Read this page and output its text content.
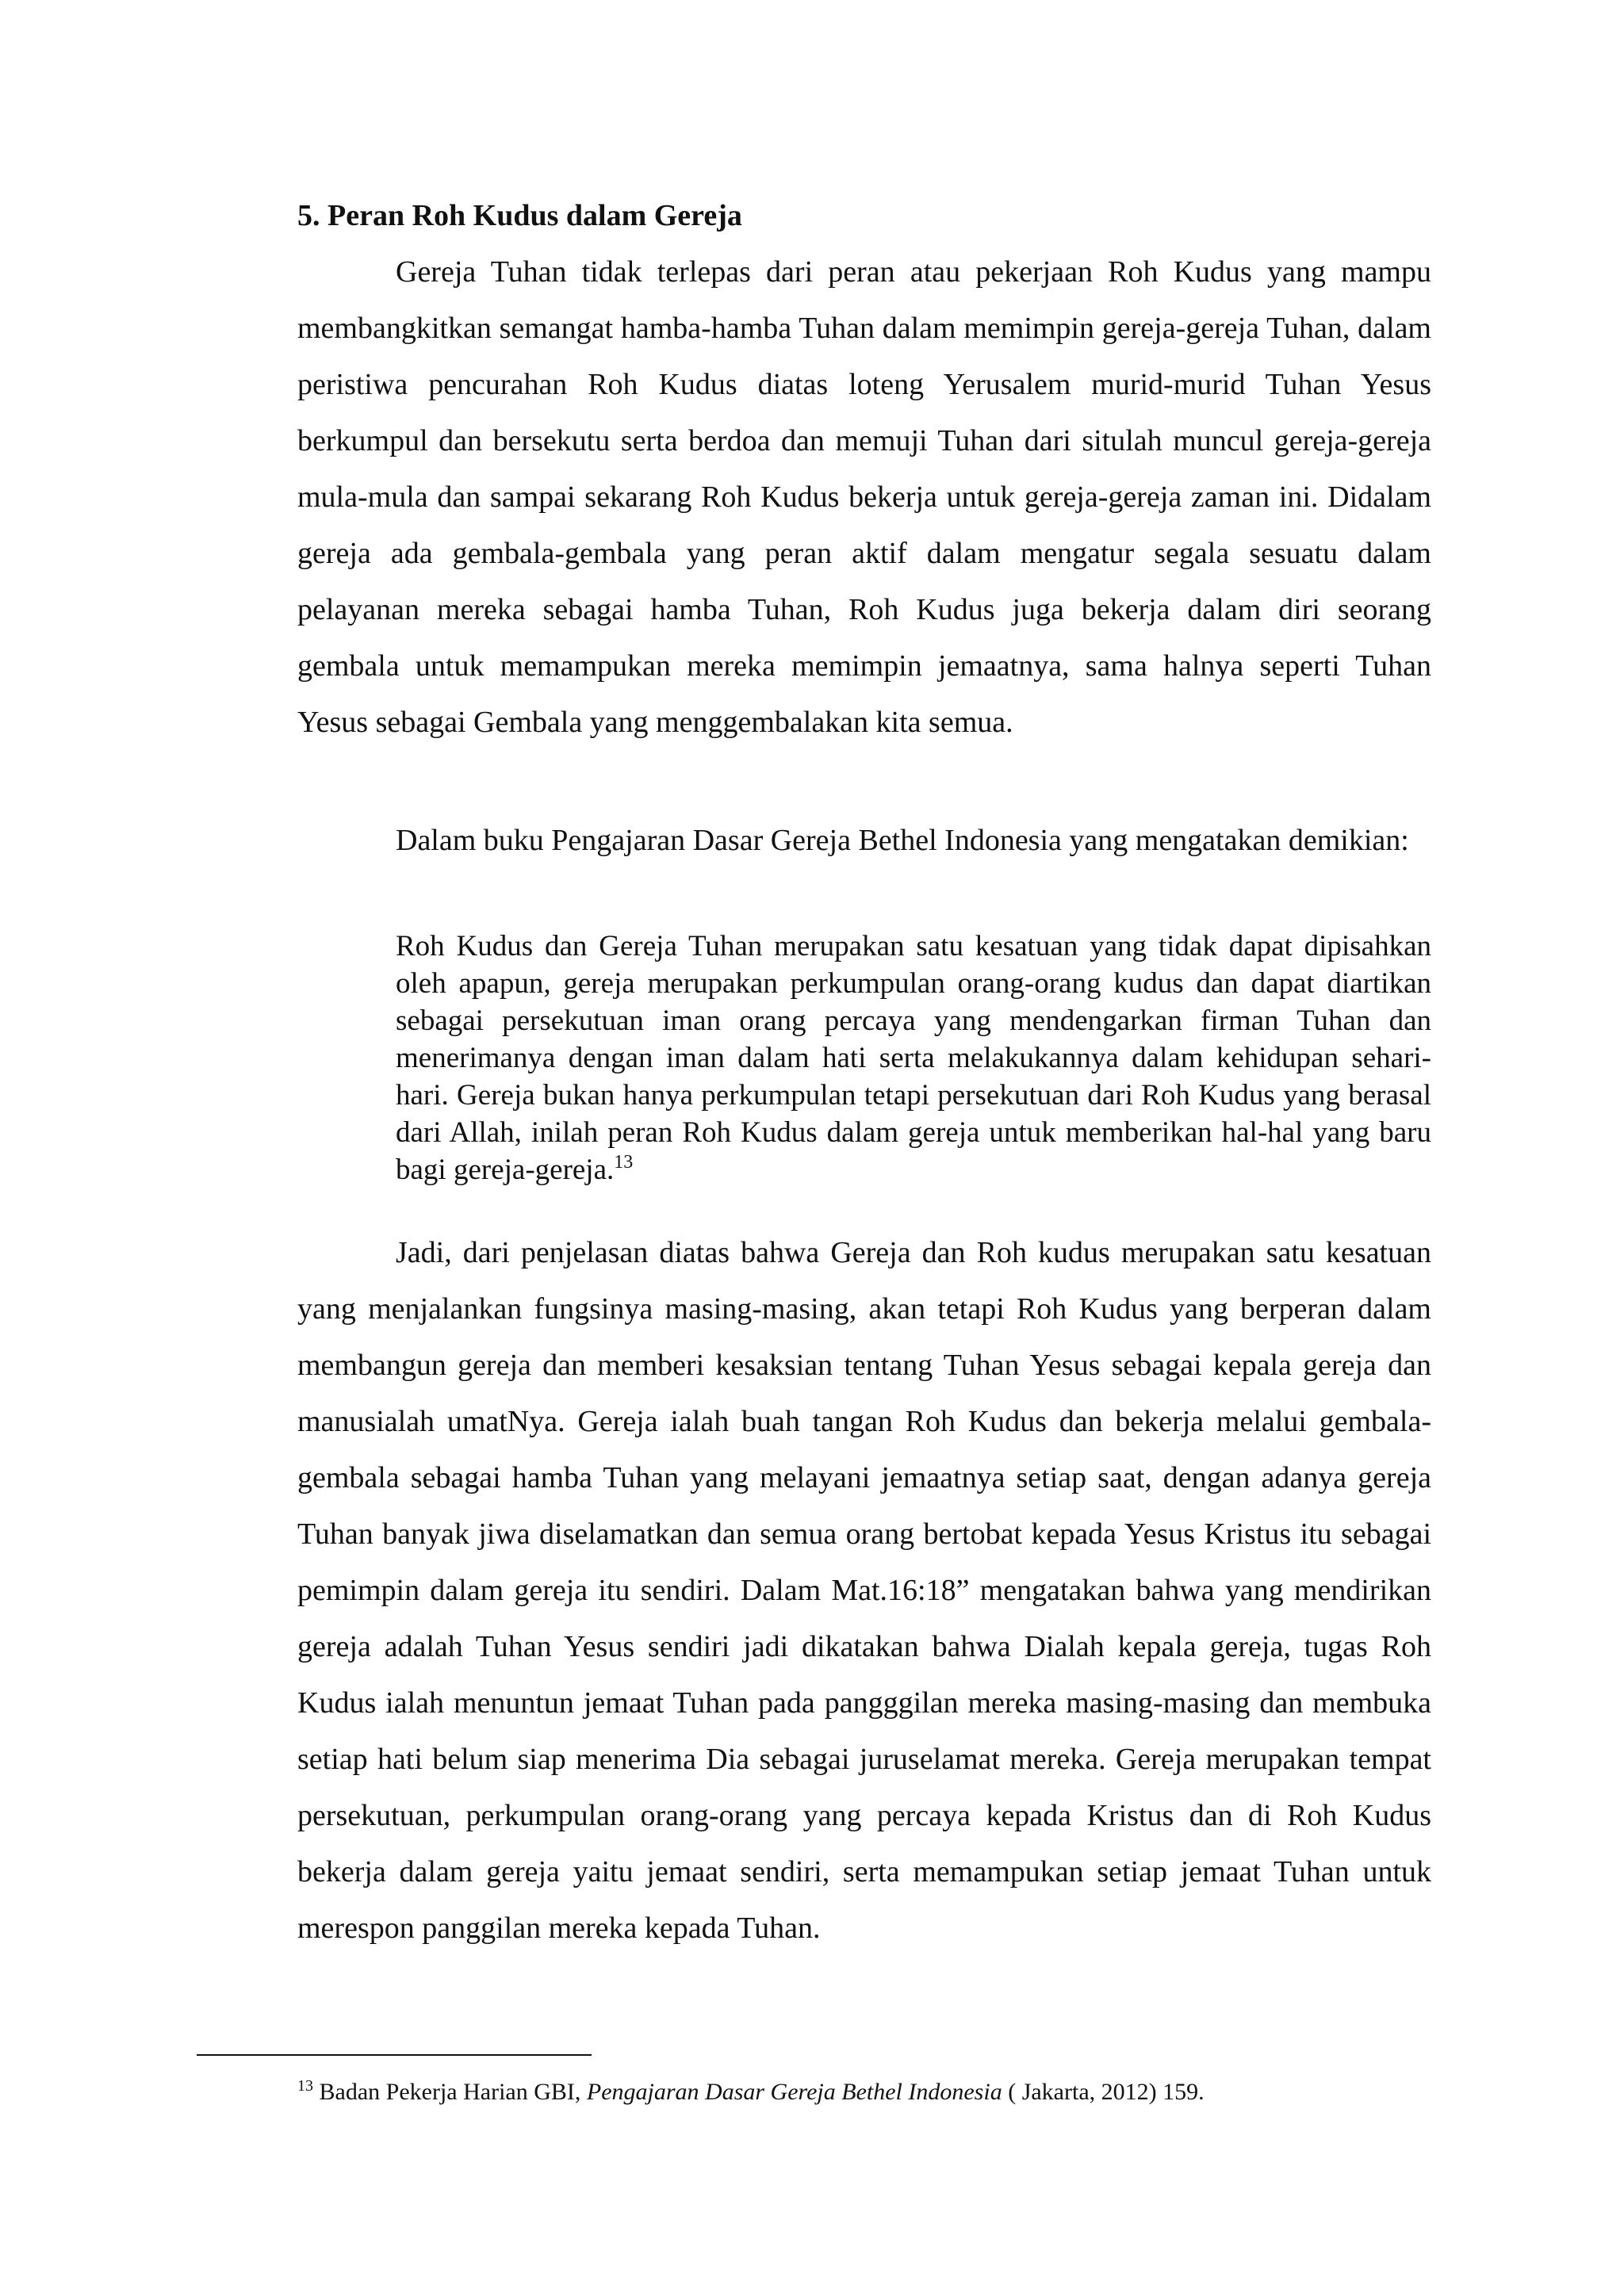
5. Peran Roh Kudus dalam Gereja

Gereja Tuhan tidak terlepas dari peran atau pekerjaan Roh Kudus yang mampu membangkitkan semangat hamba-hamba Tuhan dalam memimpin gereja-gereja Tuhan, dalam peristiwa pencurahan Roh Kudus diatas loteng Yerusalem murid-murid Tuhan Yesus berkumpul dan bersekutu serta berdoa dan memuji Tuhan dari situlah muncul gereja-gereja mula-mula dan sampai sekarang Roh Kudus bekerja untuk gereja-gereja zaman ini. Didalam gereja ada gembala-gembala yang peran aktif dalam mengatur segala sesuatu dalam pelayanan mereka sebagai hamba Tuhan, Roh Kudus juga bekerja dalam diri seorang gembala untuk memampukan mereka memimpin jemaatnya, sama halnya seperti Tuhan Yesus sebagai Gembala yang menggembalakan kita semua.

Dalam buku Pengajaran Dasar Gereja Bethel Indonesia yang mengatakan demikian:

Roh Kudus dan Gereja Tuhan merupakan satu kesatuan yang tidak dapat dipisahkan oleh apapun, gereja merupakan perkumpulan orang-orang kudus dan dapat diartikan sebagai persekutuan iman orang percaya yang mendengarkan firman Tuhan dan menerimanya dengan iman dalam hati serta melakukannya dalam kehidupan sehari-hari. Gereja bukan hanya perkumpulan tetapi persekutuan dari Roh Kudus yang berasal dari Allah, inilah peran Roh Kudus dalam gereja untuk memberikan hal-hal yang baru bagi gereja-gereja.$^{13}$

Jadi, dari penjelasan diatas bahwa Gereja dan Roh kudus merupakan satu kesatuan yang menjalankan fungsinya masing-masing, akan tetapi Roh Kudus yang berperan dalam membangun gereja dan memberi kesaksian tentang Tuhan Yesus sebagai kepala gereja dan manusialah umatNya. Gereja ialah buah tangan Roh Kudus dan bekerja melalui gembala-gembala sebagai hamba Tuhan yang melayani jemaatnya setiap saat, dengan adanya gereja Tuhan banyak jiwa diselamatkan dan semua orang bertobat kepada Yesus Kristus itu sebagai pemimpin dalam gereja itu sendiri. Dalam Mat.16:18” mengatakan bahwa yang mendirikan gereja adalah Tuhan Yesus sendiri jadi dikatakan bahwa Dialah kepala gereja, tugas Roh Kudus ialah menuntun jemaat Tuhan pada pangggilan mereka masing-masing dan membuka setiap hati belum siap menerima Dia sebagai juruselamat mereka. Gereja merupakan tempat persekutuan, perkumpulan orang-orang yang percaya kepada Kristus dan di Roh Kudus bekerja dalam gereja yaitu jemaat sendiri, serta memampukan setiap jemaat Tuhan untuk merespon panggilan mereka kepada Tuhan.

$^{13}$ Badan Pekerja Harian GBI, Pengajaran Dasar Gereja Bethel Indonesia ( Jakarta, 2012) 159.
